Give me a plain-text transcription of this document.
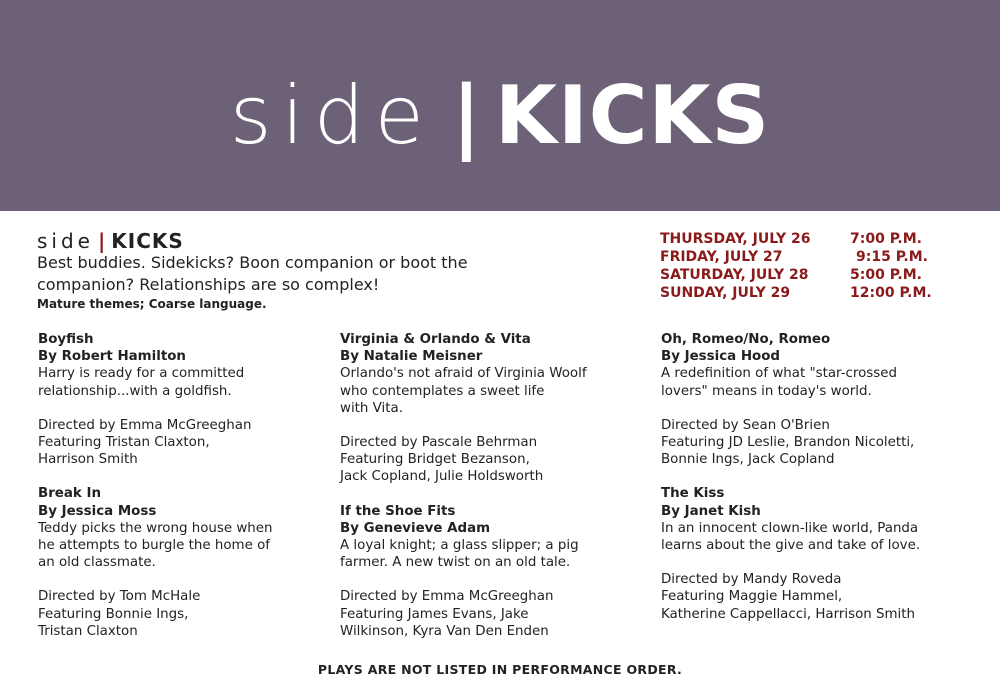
side | KICKS
side | KICKS
Best buddies. Sidekicks? Boon companion or boot the companion? Relationships are so complex!
Mature themes; Coarse language.
THURSDAY, JULY 26	7:00 P.M.
FRIDAY, JULY 27	9:15 P.M.
SATURDAY, JULY 28	5:00 P.M.
SUNDAY, JULY 29	12:00 P.M.
Boyfish
By Robert Hamilton
Harry is ready for a committed
relationship...with a goldfish.
Directed by Emma McGreeghan
Featuring Tristan Claxton,
Harrison Smith
Break In
By Jessica Moss
Teddy picks the wrong house when
he attempts to burgle the home of
an old classmate.
Directed by Tom McHale
Featuring Bonnie Ings,
Tristan Claxton
Virginia & Orlando & Vita
By Natalie Meisner
Orlando's not afraid of Virginia Woolf
who contemplates a sweet life
with Vita.
Directed by Pascale Behrman
Featuring Bridget Bezanson,
Jack Copland, Julie Holdsworth
If the Shoe Fits
By Genevieve Adam
A loyal knight; a glass slipper; a pig
farmer. A new twist on an old tale.
Directed by Emma McGreeghan
Featuring James Evans, Jake
Wilkinson, Kyra Van Den Enden
Oh, Romeo/No, Romeo
By Jessica Hood
A redefinition of what "star-crossed
lovers" means in today's world.
Directed by Sean O'Brien
Featuring JD Leslie, Brandon Nicoletti,
Bonnie Ings, Jack Copland
The Kiss
By Janet Kish
In an innocent clown-like world, Panda
learns about the give and take of love.
Directed by Mandy Roveda
Featuring Maggie Hammel,
Katherine Cappellacci, Harrison Smith
PLAYS ARE NOT LISTED IN PERFORMANCE ORDER.
